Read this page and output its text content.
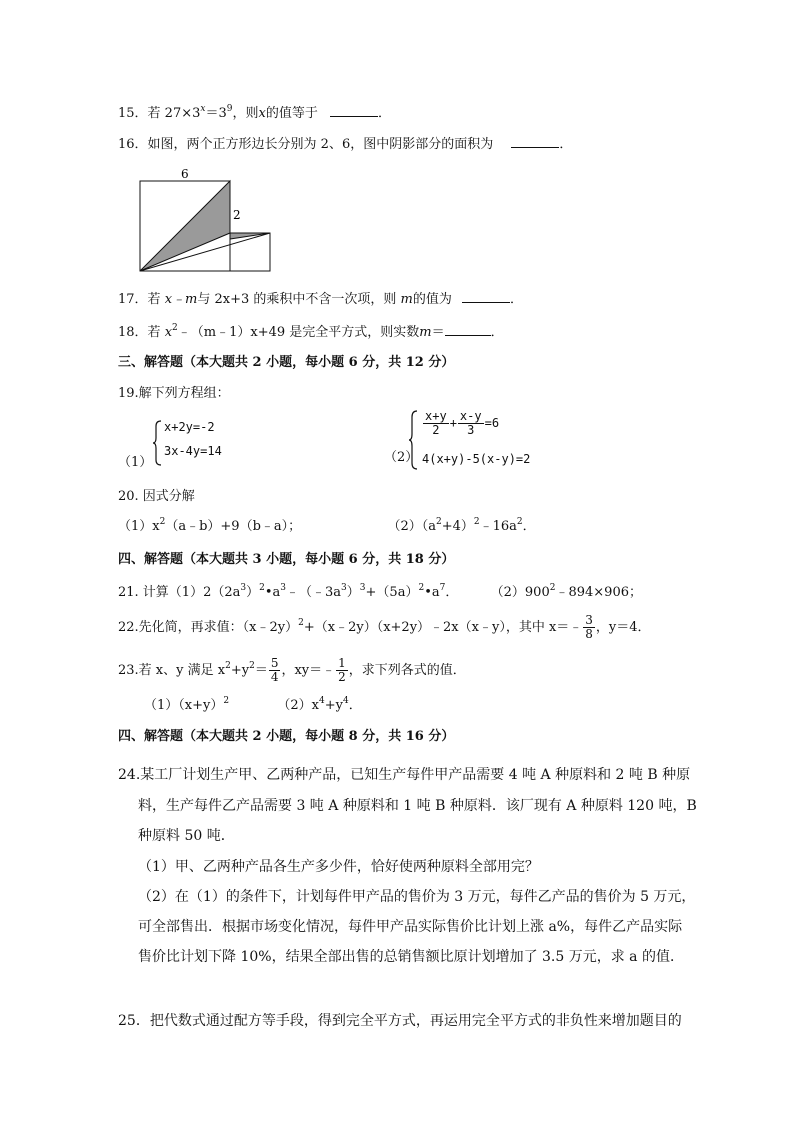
15．若 $27\times 3^x=3^9$，则x的值等于	．
16．如图，两个正方形边长分别为 2、6，图中阴影部分的面积为	．
6
2
17．若 x﹣m与 2x+3 的乘积中不含一次项，则 m的值为	．
18．若 $x^2﹣(m﹣1)x+49$ 是完全平方式，则实数m＝	．
三、解答题（本大题共 2 小题，每小题 6 分，共 12 分）
19.解下列方程组：
（1）
x+2y=-2
3x-4y=14	（2）
$\frac{x+y}{2} + \frac{x-y}{3} =6$
4(x+y)-5(x-y)=2
20. 因式分解
$(1)x^2(a﹣b)+9(b﹣a)$；	$(2)(a^2+4)^2﹣16a^2$．
四、解答题（本大题共 3 小题，每小题 6 分，共 18 分）
21. 计算$(1)2(2a^3)^2•a^3﹣(﹣3a^3)^3+(5a)^2•a^7$． $(2)900^2﹣894\times 906$；
22.先化简，再求值：（x﹣2y）$^2$+（x﹣2y）（x+2y）﹣2x（x﹣y），其中 x＝﹣ $\frac{3}{8}$ ，y＝4．
23.若 x、y 满足 $x^2+y^2= \frac{5}{4}$ ，xy＝﹣ $\frac{1}{2}$ ，求下列各式的值．
$(1)(x+y)^2$	$(2)x^4+y^4$．
四、解答题（本大题共 2 小题，每小题 8 分，共 16 分）
24.某工厂计划生产甲、乙两种产品，已知生产每件甲产品需要 4 吨 A 种原料和 2 吨 B 种原
料，生产每件乙产品需要 3 吨 A 种原料和 1 吨 B 种原料．该厂现有 A 种原料 120 吨，B
种原料 50 吨．
（1）甲、乙两种产品各生产多少件，恰好使两种原料全部用完？
（2）在（1）的条件下，计划每件甲产品的售价为 3 万元，每件乙产品的售价为 5 万元，
可全部售出．根据市场变化情况，每件甲产品实际售价比计划上涨 a%，每件乙产品实际
售价比计划下降 10%，结果全部出售的总销售额比原计划增加了 3.5 万元，求 a 的值．
25．把代数式通过配方等手段，得到完全平方式，再运用完全平方式的非负性来增加题目的
